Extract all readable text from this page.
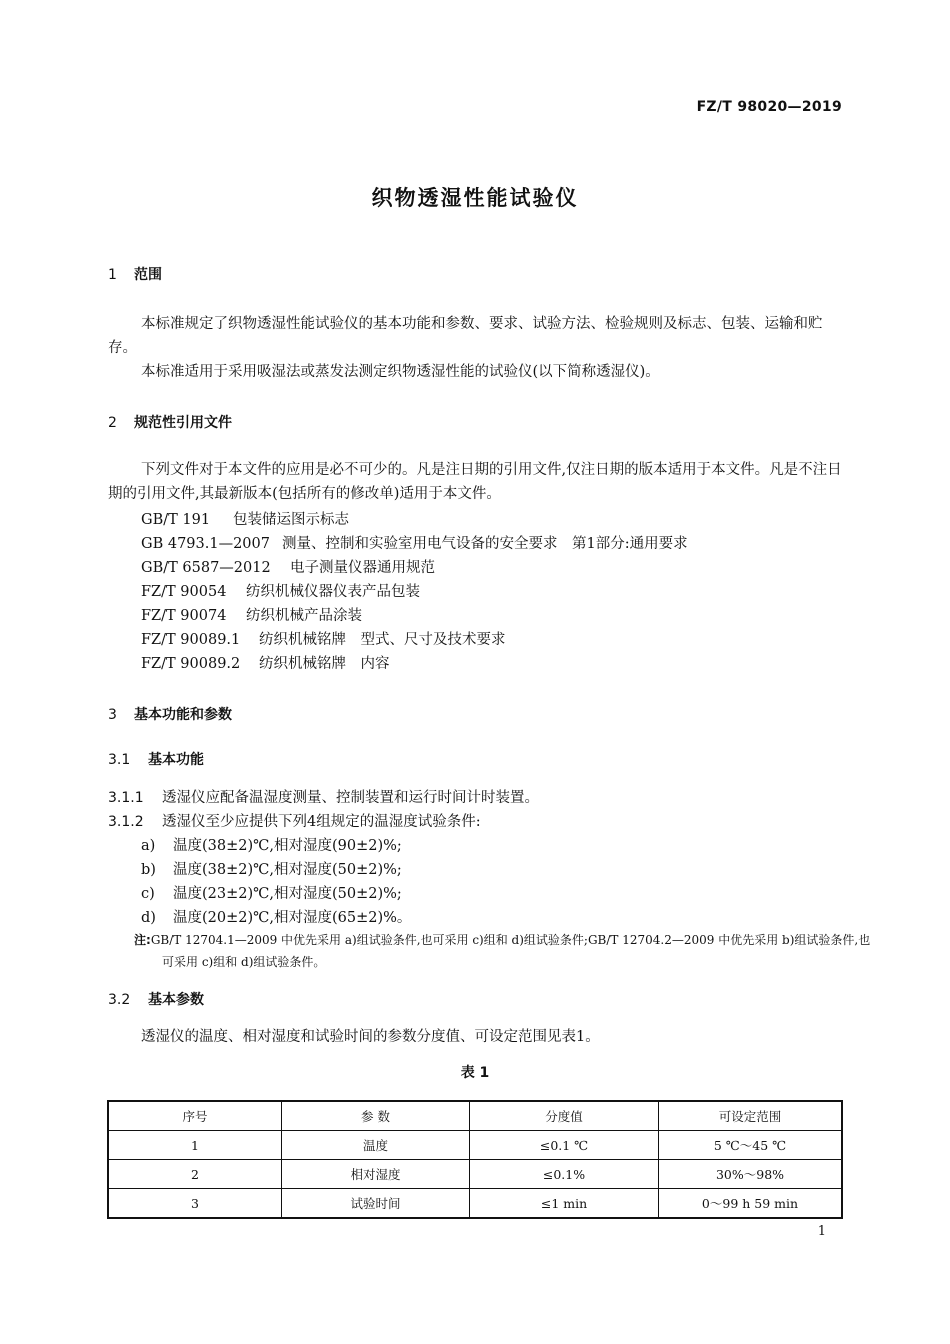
FZ/T 98020—2019
织物透湿性能试验仪
1 范围
本标准规定了织物透湿性能试验仪的基本功能和参数、要求、试验方法、检验规则及标志、包装、运输和贮存。
本标准适用于采用吸湿法或蒸发法测定织物透湿性能的试验仪(以下简称透湿仪)。
2 规范性引用文件
下列文件对于本文件的应用是必不可少的。凡是注日期的引用文件,仅注日期的版本适用于本文件。凡是不注日期的引用文件,其最新版本(包括所有的修改单)适用于本文件。
GB/T 191 包装储运图示标志
GB 4793.1—2007 测量、控制和实验室用电气设备的安全要求　第1部分:通用要求
GB/T 6587—2012 电子测量仪器通用规范
FZ/T 90054 纺织机械仪器仪表产品包装
FZ/T 90074 纺织机械产品涂装
FZ/T 90089.1 纺织机械铭牌　型式、尺寸及技术要求
FZ/T 90089.2 纺织机械铭牌　内容
3 基本功能和参数
3.1 基本功能
3.1.1 透湿仪应配备温湿度测量、控制装置和运行时间计时装置。
3.1.2 透湿仪至少应提供下列4组规定的温湿度试验条件:
a) 温度(38±2)℃,相对湿度(90±2)%;
b) 温度(38±2)℃,相对湿度(50±2)%;
c) 温度(23±2)℃,相对湿度(50±2)%;
d) 温度(20±2)℃,相对湿度(65±2)%。
注:GB/T 12704.1—2009 中优先采用 a)组试验条件,也可采用 c)组和 d)组试验条件;GB/T 12704.2—2009 中优先采用 b)组试验条件,也可采用 c)组和 d)组试验条件。
3.2 基本参数
透湿仪的温度、相对湿度和试验时间的参数分度值、可设定范围见表1。
表 1
序号	参 数	分度值	可设定范围
1	温度	≤0.1 ℃	5 ℃～45 ℃
2	相对湿度	≤0.1%	30%～98%
3	试验时间	≤1 min	0～99 h 59 min
1
